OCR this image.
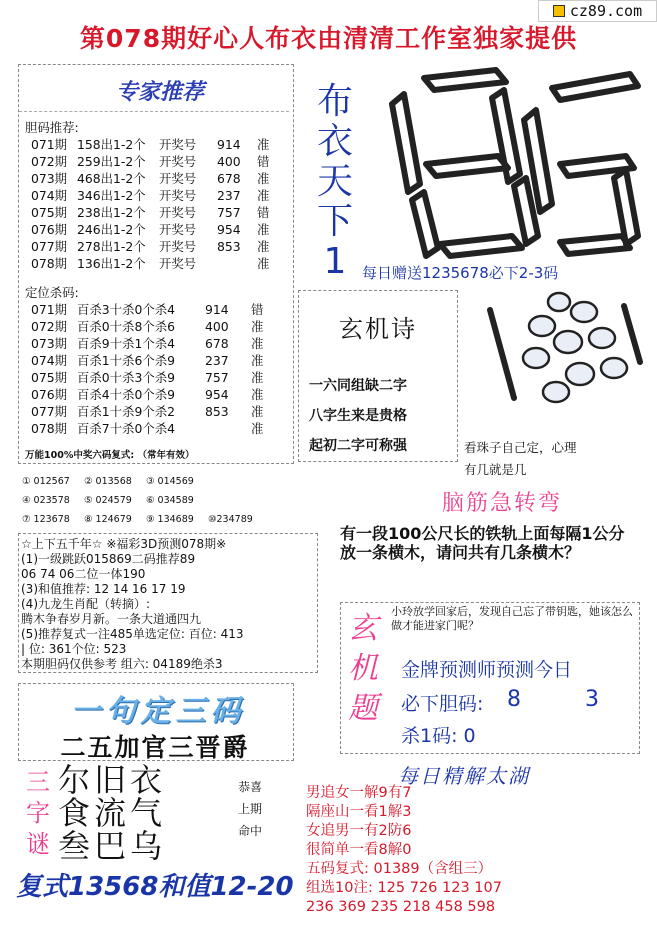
cz89.com
第078期好心人布衣由清清工作室独家提供
专家推荐
胆码推荐:
071期 158出1-2个 开奖号 914 准
072期 259出1-2个 开奖号 400 错
073期 468出1-2个 开奖号 678 准
074期 346出1-2个 开奖号 237 准
075期 238出1-2个 开奖号 757 错
076期 246出1-2个 开奖号 954 准
077期 278出1-2个 开奖号 853 准
078期 136出1-2个 开奖号	准
定位杀码:
071期 百杀3十杀0个杀4 914 错
072期 百杀0十杀8个杀6 400 准
073期 百杀9十杀1个杀4 678 准
074期 百杀1十杀6个杀9 237 准
075期 百杀0十杀3个杀9 757 准
076期 百杀4十杀0个杀9 954 准
077期 百杀1十杀9个杀2 853 准
078期 百杀7十杀0个杀4	准
万能100%中奖六码复式: （常年有效）
① 012567 ② 013568 ③ 014569
④ 023578 ⑤ 024579 ⑥ 034589
⑦ 123678 ⑧ 124679 ⑨ 134689 ⑩234789
☆上下五千年☆ ※福彩3D预测078期※
(1)一级跳跃015869二码推荐89
06 74 06二位一体190
(3)和值推荐: 12 14 16 17 19
(4)九龙生肖配（转摘）:
腾木争春岁月新。一条大道通四九
(5)推荐复式一注485单选定位: 百位: 413
| 位: 361个位: 523
本期胆码仅供参考 组六: 04189绝杀3
一句定三码
二五加官三晋爵
三
字
谜
尔旧衣
食流气
叁巴乌
恭喜
上期
命中
复式13568和值12-20
布
衣
天
下
1	每日赠送1235678必下2-3码
玄机诗
一六同组缺二字
八字生来是贵格
起初二字可称强	看珠子自己定，心理
有几就是几
脑筋急转弯
有一段100公尺长的铁轨上面每隔1公分放一条横木，请问共有几条横木？
玄
机
题
小玲放学回家后，发现自己忘了带钥匙，她该怎么做才能进家门呢？
金牌预测师预测今日
必下胆码: 8	3
杀1码: 0
每日精解太湖
男追女一解9有7
隔座山一看1解3
女追男一有2防6
很简单一看8解0
五码复式: 01389（含组三）
组选10注: 125 726 123 107
236 369 235 218 458 598
